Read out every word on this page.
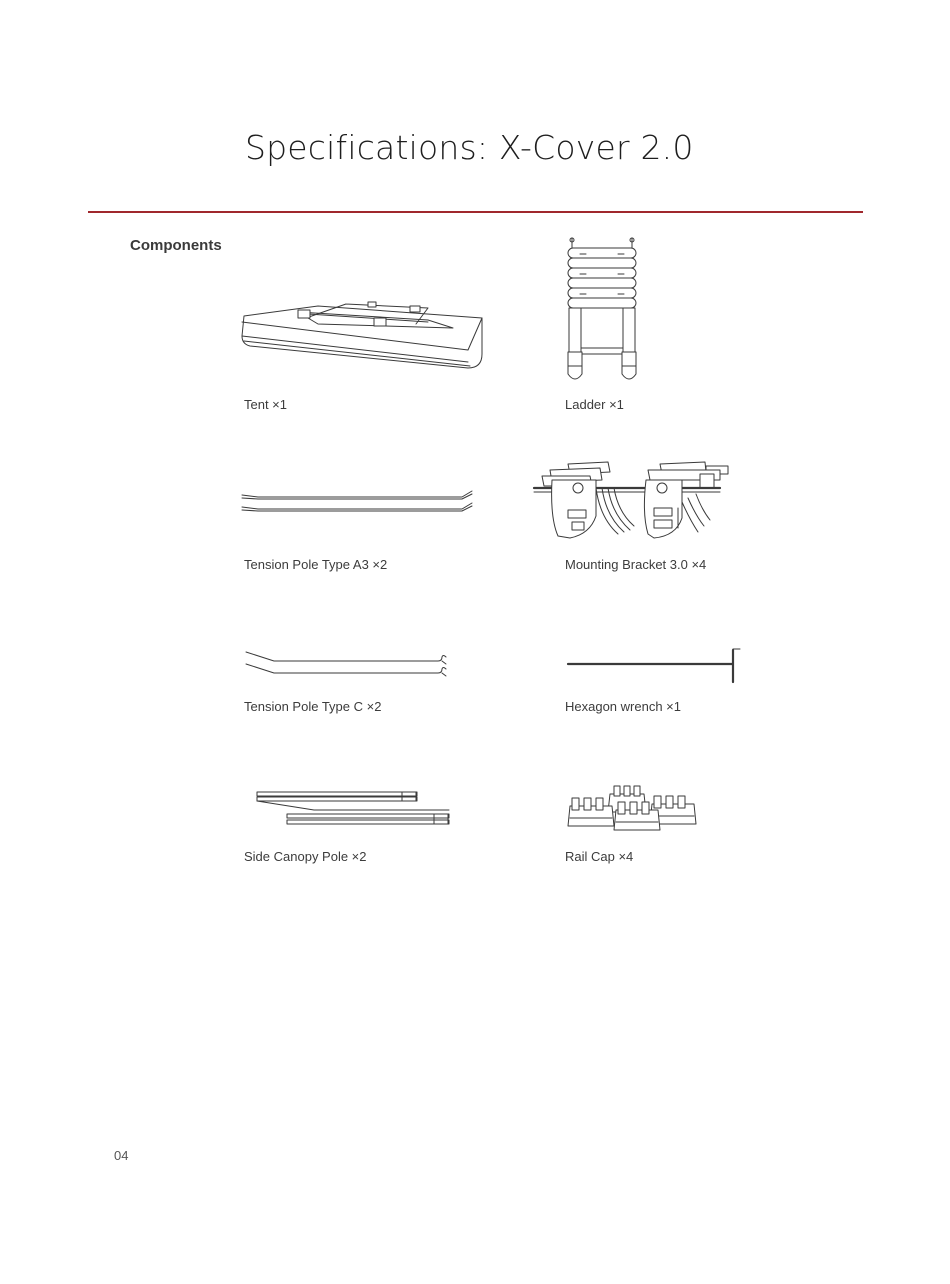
Specifications: X-Cover 2.0
Components
Tent ×1	Ladder ×1
Tension Pole Type A3 ×2	Mounting Bracket 3.0 ×4
Tension Pole Type C ×2	Hexagon wrench ×1
Side Canopy Pole ×2	Rail Cap ×4
04
